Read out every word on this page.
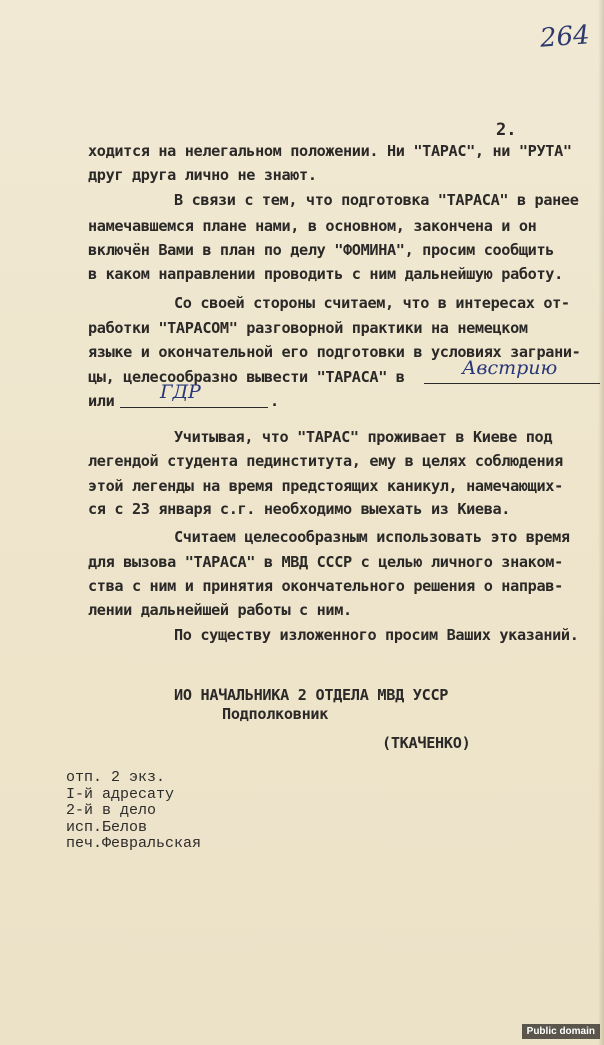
264
2.
ходится на нелегальном положении. Ни "ТАРАС", ни "РУТА"
друг друга лично не знают.
В связи с тем, что подготовка "ТАРАСА" в ранее
намечавшемся плане нами, в основном, закончена и он
включён Вами в план по делу "ФОМИНА", просим сообщить
в каком направлении проводить с ним дальнейшую работу.
Со своей стороны считаем, что в интересах от-
работки "ТАРАСОМ" разговорной практики на немецком
языке и окончательной его подготовки в условиях заграни-
цы, целесообразно вывести "ТАРАСА" в	Австрию
или ГДР	.
Учитывая, что "ТАРАС" проживает в Киеве под
легендой студента пединститута, ему в целях соблюдения
этой легенды на время предстоящих каникул, намечающих-
ся с 23 января с.г. необходимо выехать из Киева.
Считаем целесообразным использовать это время
для вызова "ТАРАСА" в МВД СССР с целью личного знаком-
ства с ним и принятия окончательного решения о направ-
лении дальнейшей работы с ним.
По существу изложенного просим Ваших указаний.
ИО НАЧАЛЬНИКА 2 ОТДЕЛА МВД УССР
Подполковник
(ТКАЧЕНКО)
отп. 2 экз.
I-й адресату
2-й в дело
исп.Белов
печ.Февральская
Public domain
